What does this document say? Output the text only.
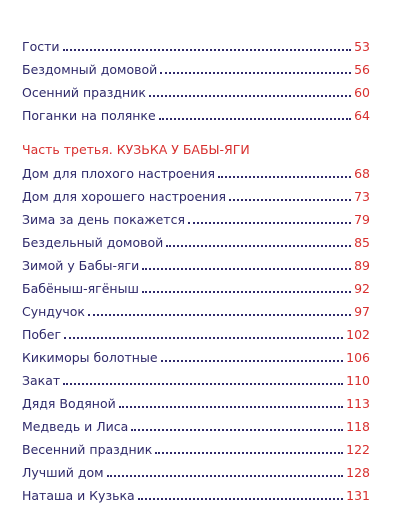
Гости	53
Бездомный домовой	56
Осенний праздник	60
Поганки на полянке	64
Часть третья. КУЗЬКА У БАБЫ-ЯГИ
Дом для плохого настроения	68
Дом для хорошего настроения	73
Зима за день покажется	79
Бездельный домовой	85
Зимой у Бабы-яги	89
Бабёныш-ягёныш	92
Сундучок	97
Побег	102
Кикиморы болотные	106
Закат	110
Дядя Водяной	113
Медведь и Лиса	118
Весенний праздник	122
Лучший дом	128
Наташа и Кузька	131
